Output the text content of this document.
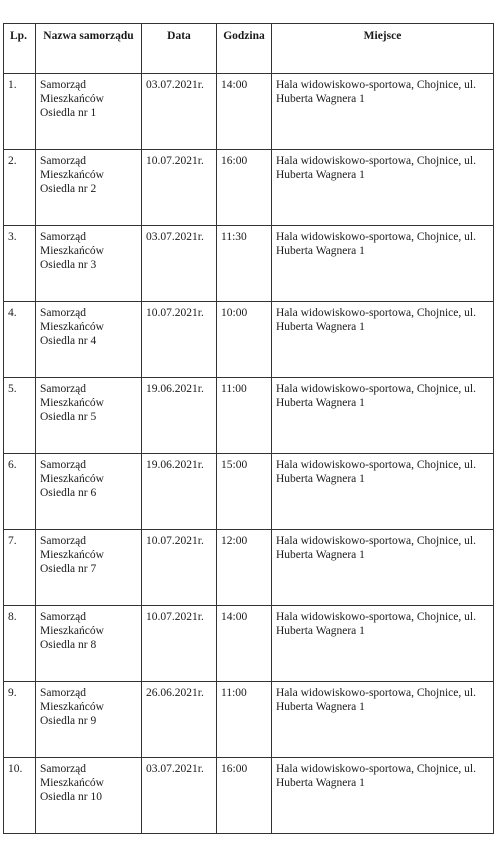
Lp.	Nazwa samorządu	Data	Godzina	Miejsce
1.	Samorząd
Mieszkańców
Osiedla nr 1	03.07.2021r.	14:00	Hala widowiskowo-sportowa, Chojnice, ul. Huberta Wagnera 1
2.	Samorząd
Mieszkańców
Osiedla nr 2	10.07.2021r.	16:00	Hala widowiskowo-sportowa, Chojnice, ul. Huberta Wagnera 1
3.	Samorząd
Mieszkańców
Osiedla nr 3	03.07.2021r.	11:30	Hala widowiskowo-sportowa, Chojnice, ul. Huberta Wagnera 1
4.	Samorząd
Mieszkańców
Osiedla nr 4	10.07.2021r.	10:00	Hala widowiskowo-sportowa, Chojnice, ul. Huberta Wagnera 1
5.	Samorząd
Mieszkańców
Osiedla nr 5	19.06.2021r.	11:00	Hala widowiskowo-sportowa, Chojnice, ul. Huberta Wagnera 1
6.	Samorząd
Mieszkańców
Osiedla nr 6	19.06.2021r.	15:00	Hala widowiskowo-sportowa, Chojnice, ul. Huberta Wagnera 1
7.	Samorząd
Mieszkańców
Osiedla nr 7	10.07.2021r.	12:00	Hala widowiskowo-sportowa, Chojnice, ul. Huberta Wagnera 1
8.	Samorząd
Mieszkańców
Osiedla nr 8	10.07.2021r.	14:00	Hala widowiskowo-sportowa, Chojnice, ul. Huberta Wagnera 1
9.	Samorząd
Mieszkańców
Osiedla nr 9	26.06.2021r.	11:00	Hala widowiskowo-sportowa, Chojnice, ul. Huberta Wagnera 1
10.	Samorząd
Mieszkańców
Osiedla nr 10	03.07.2021r.	16:00	Hala widowiskowo-sportowa, Chojnice, ul. Huberta Wagnera 1
